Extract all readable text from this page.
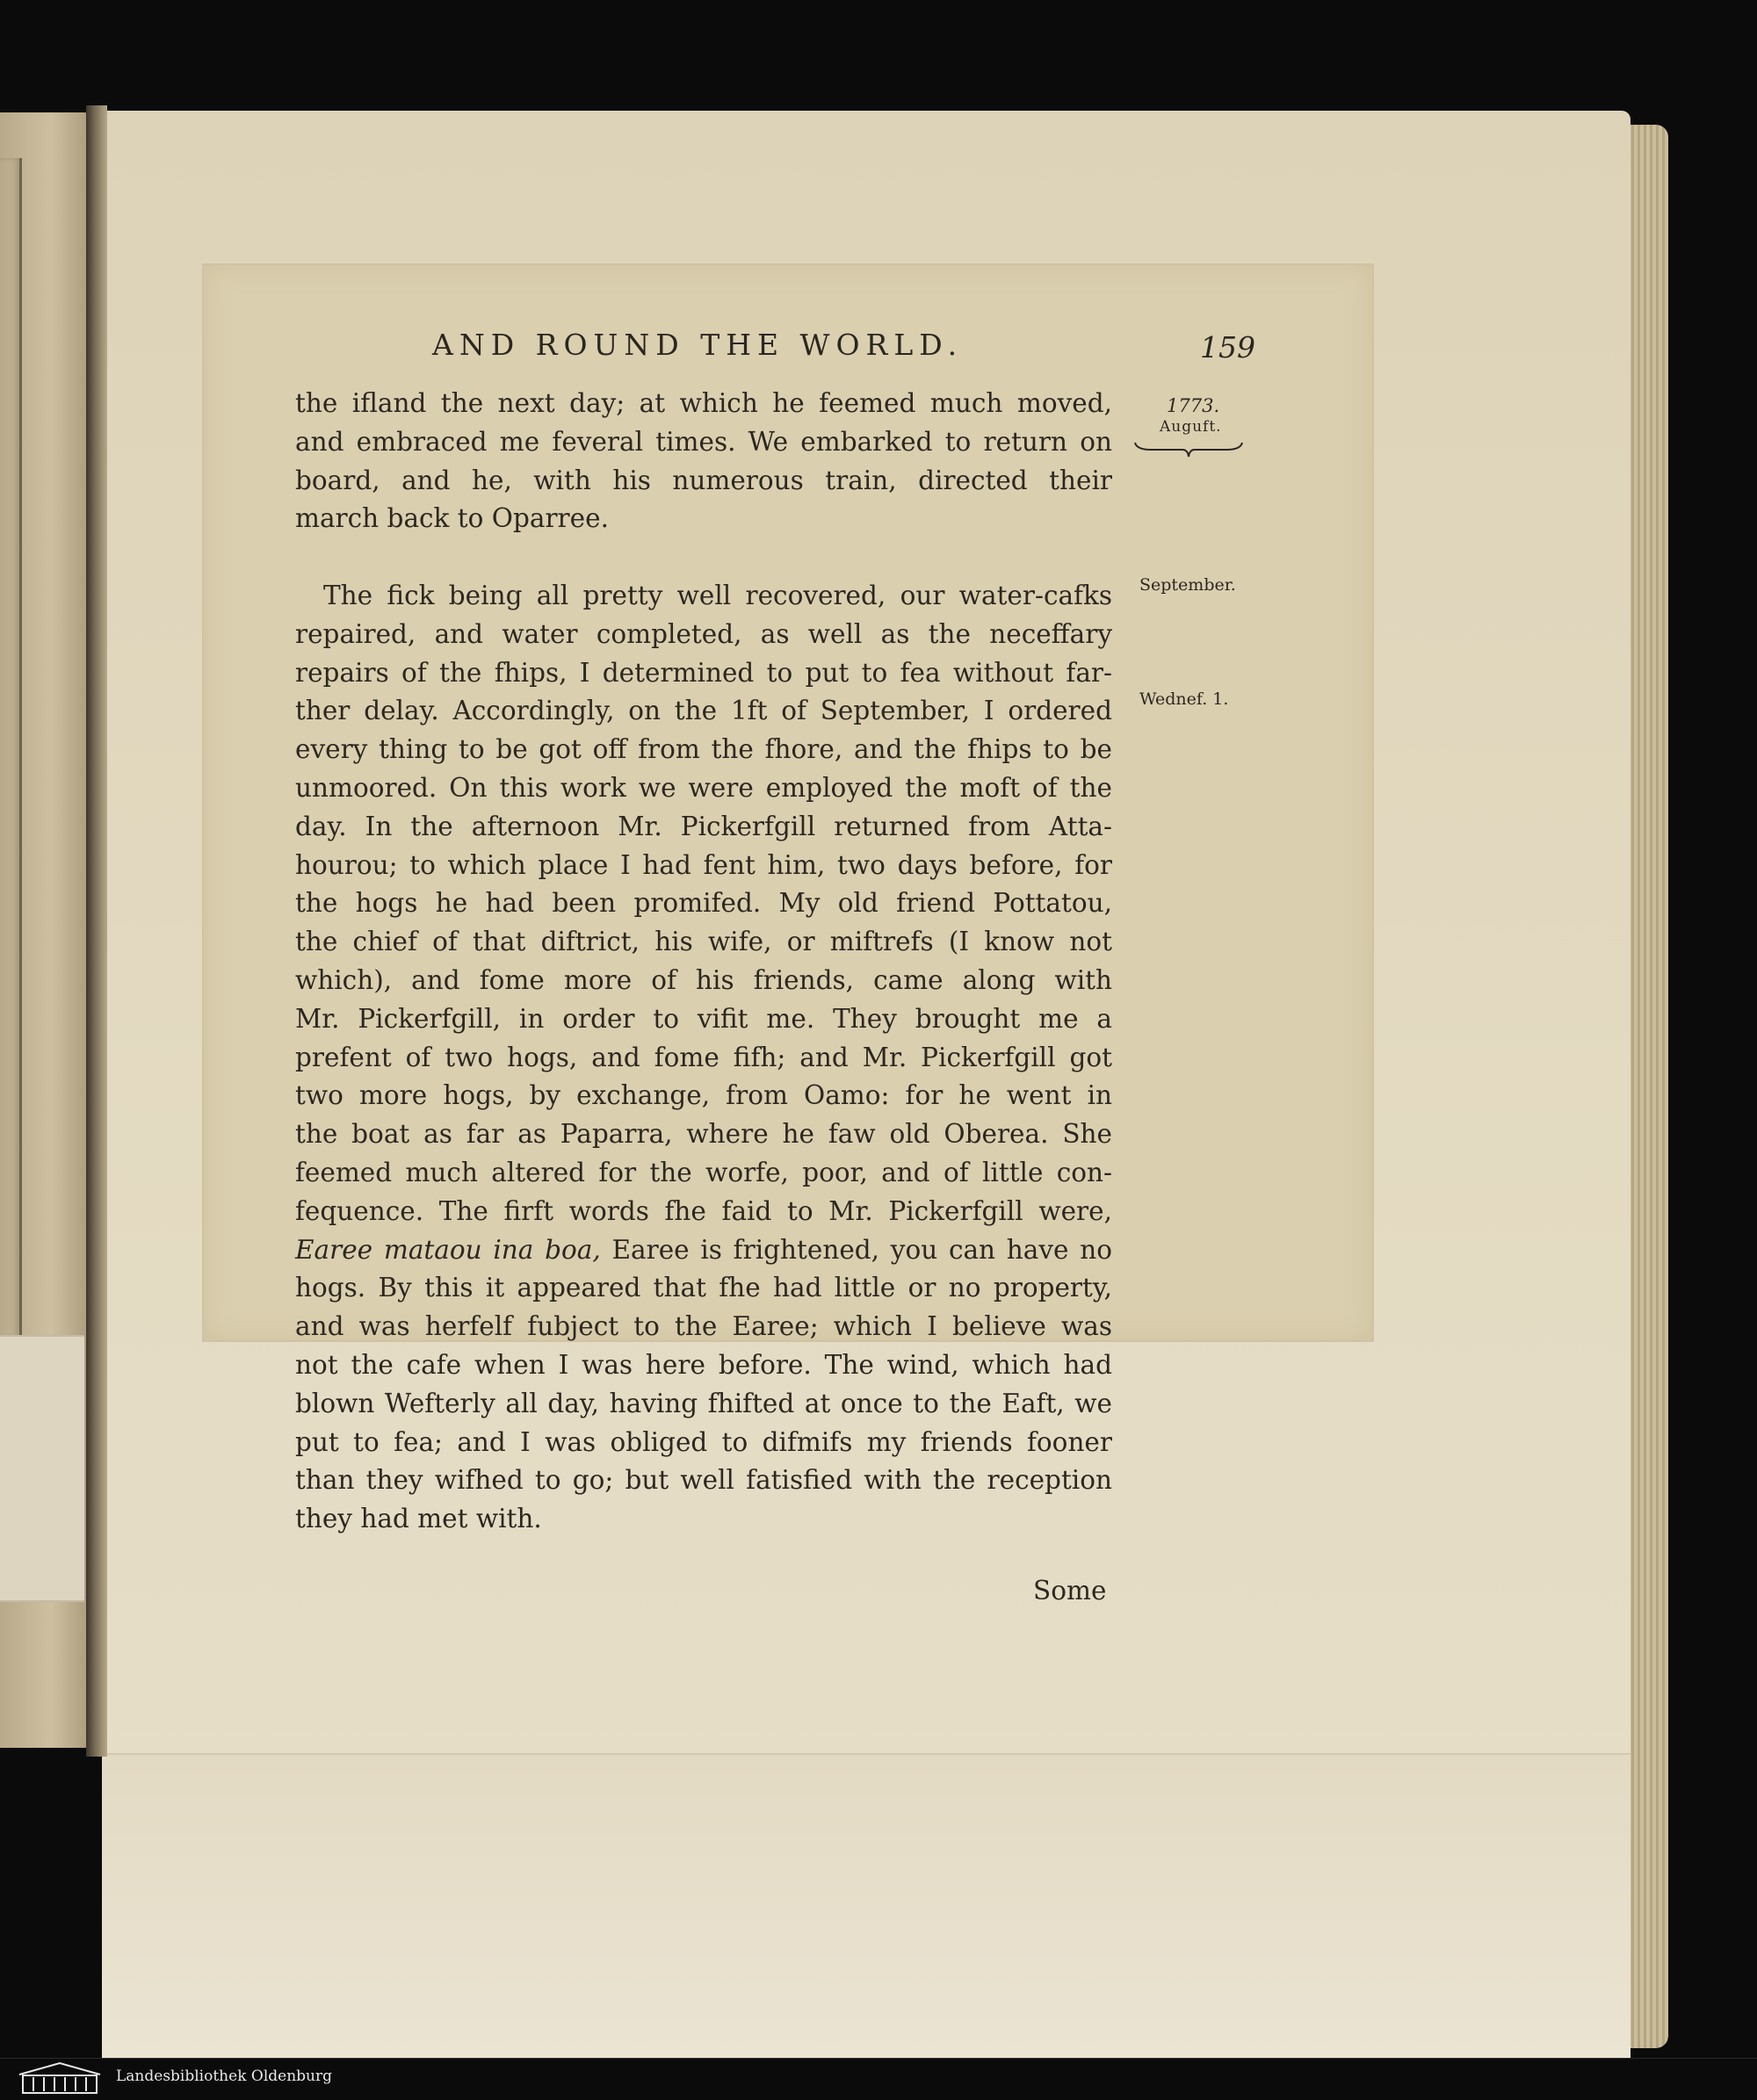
AND ROUND THE WORLD.	159
1773.
Auguft.
September.
Wednef. 1.
the ifland the next day; at which he feemed much moved,
and embraced me feveral times. We embarked to return on
board, and he, with his numerous train, directed their
march back to Oparree.
The fick being all pretty well recovered, our water-cafks
repaired, and water completed, as well as the neceffary
repairs of the fhips, I determined to put to fea without far-
ther delay. Accordingly, on the 1ft of September, I ordered
every thing to be got off from the fhore, and the fhips to be
unmoored. On this work we were employed the moft of the
day. In the afternoon Mr. Pickerfgill returned from Atta-
hourou; to which place I had fent him, two days before, for
the hogs he had been promifed. My old friend Pottatou,
the chief of that diftrict, his wife, or miftrefs (I know not
which), and fome more of his friends, came along with
Mr. Pickerfgill, in order to vifit me. They brought me a
prefent of two hogs, and fome fifh; and Mr. Pickerfgill got
two more hogs, by exchange, from Oamo: for he went in
the boat as far as Paparra, where he faw old Oberea. She
feemed much altered for the worfe, poor, and of little con-
fequence. The firft words fhe faid to Mr. Pickerfgill were,
Earee mataou ina boa, Earee is frightened, you can have no
hogs. By this it appeared that fhe had little or no property,
and was herfelf fubject to the Earee; which I believe was
not the cafe when I was here before. The wind, which had
blown Wefterly all day, having fhifted at once to the Eaft, we
put to fea; and I was obliged to difmifs my friends fooner
than they wifhed to go; but well fatisfied with the reception
they had met with.
Some
Landesbibliothek Oldenburg
